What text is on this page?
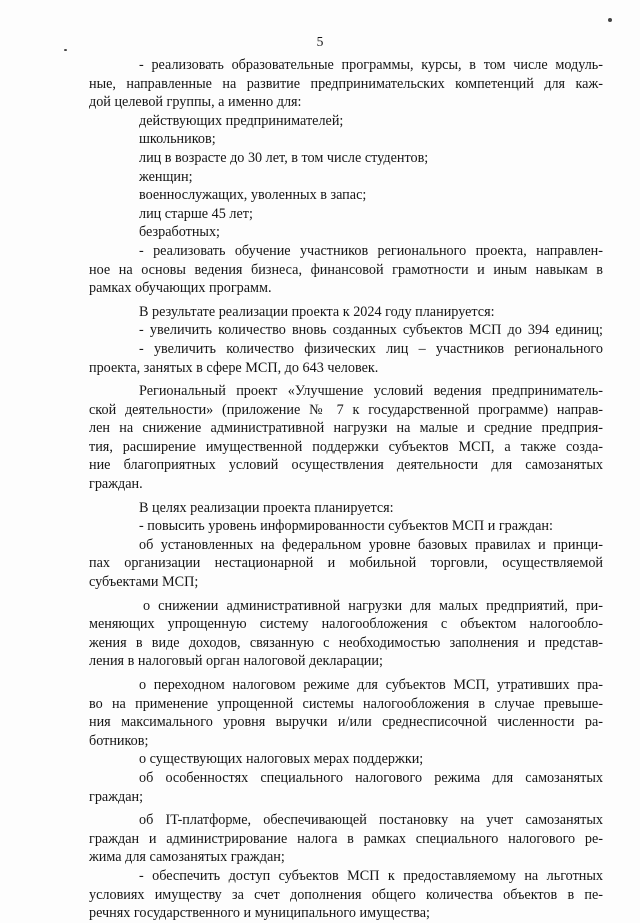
5
- реализовать образовательные программы, курсы, в том числе модуль-
ные, направленные на развитие предпринимательских компетенций для каж-
дой целевой группы, а именно для:
действующих предпринимателей;
школьников;
лиц в возрасте до 30 лет, в том числе студентов;
женщин;
военнослужащих, уволенных в запас;
лиц старше 45 лет;
безработных;
- реализовать обучение участников регионального проекта, направлен-
ное на основы ведения бизнеса, финансовой грамотности и иным навыкам в
рамках обучающих программ.
В результате реализации проекта к 2024 году планируется:
- увеличить количество вновь созданных субъектов МСП до 394 единиц;
- увеличить количество физических лиц – участников регионального
проекта, занятых в сфере МСП, до 643 человек.
Региональный проект «Улучшение условий ведения предприниматель-
ской деятельности» (приложение № 7 к государственной программе) направ-
лен на снижение административной нагрузки на малые и средние предприя-
тия, расширение имущественной поддержки субъектов МСП, а также созда-
ние благоприятных условий осуществления деятельности для самозанятых
граждан.
В целях реализации проекта планируется:
- повысить уровень информированности субъектов МСП и граждан:
об установленных на федеральном уровне базовых правилах и принци-
пах организации нестационарной и мобильной торговли, осуществляемой
субъектами МСП;
о снижении административной нагрузки для малых предприятий, при-
меняющих упрощенную систему налогообложения с объектом налогообло-
жения в виде доходов, связанную с необходимостью заполнения и представ-
ления в налоговый орган налоговой декларации;
о переходном налоговом режиме для субъектов МСП, утративших пра-
во на применение упрощенной системы налогообложения в случае превыше-
ния максимального уровня выручки и/или среднесписочной численности ра-
ботников;
о существующих налоговых мерах поддержки;
об особенностях специального налогового режима для самозанятых
граждан;
об IT-платформе, обеспечивающей постановку на учет самозанятых
граждан и администрирование налога в рамках специального налогового ре-
жима для самозанятых граждан;
- обеспечить доступ субъектов МСП к предоставляемому на льготных
условиях имуществу за счет дополнения общего количества объектов в пе-
речнях государственного и муниципального имущества;
